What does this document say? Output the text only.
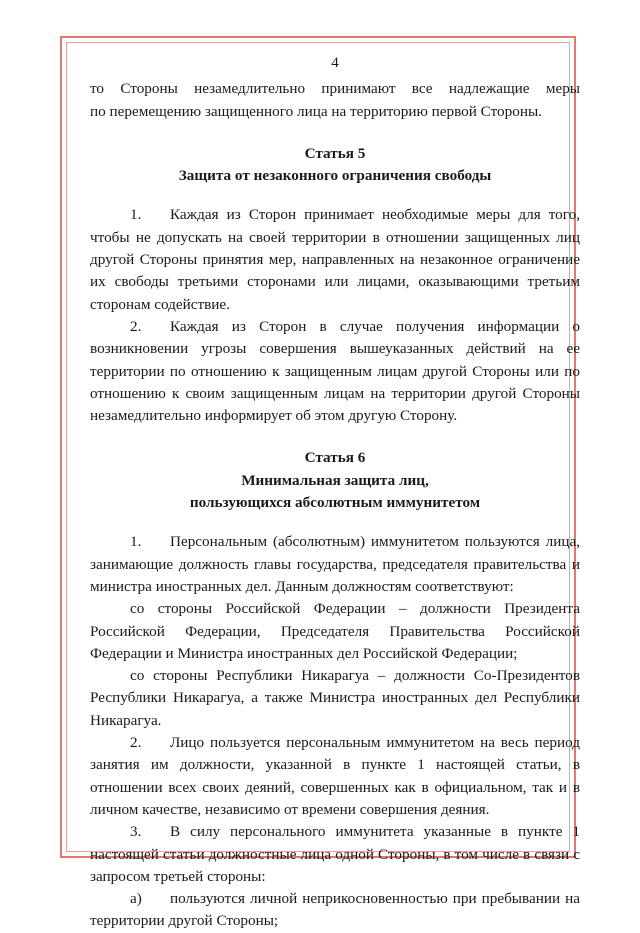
4

то Стороны незамедлительно принимают все надлежащие меры

по перемещению защищенного лица на территорию первой Стороны.

Статья 5
Защита от незаконного ограничения свободы

1. Каждая из Сторон принимает необходимые меры для того, чтобы не допускать на своей территории в отношении защищенных лиц другой Стороны принятия мер, направленных на незаконное ограничение их свободы третьими сторонами или лицами, оказывающими третьим сторонам содействие.

2. Каждая из Сторон в случае получения информации о возникновении угрозы совершения вышеуказанных действий на ее территории по отношению к защищенным лицам другой Стороны или по отношению к своим защищенным лицам на территории другой Стороны незамедлительно информирует об этом другую Сторону.

Статья 6
Минимальная защита лиц,
пользующихся абсолютным иммунитетом

1. Персональным (абсолютным) иммунитетом пользуются лица, занимающие должность главы государства, председателя правительства и министра иностранных дел. Данным должностям соответствуют:

со стороны Российской Федерации – должности Президента Российской Федерации, Председателя Правительства Российской Федерации и Министра иностранных дел Российской Федерации;

со стороны Республики Никарагуа – должности Со-Президентов Республики Никарагуа, а также Министра иностранных дел Республики Никарагуа.

2. Лицо пользуется персональным иммунитетом на весь период занятия им должности, указанной в пункте 1 настоящей статьи, в отношении всех своих деяний, совершенных как в официальном, так и в личном качестве, независимо от времени совершения деяния.

3. В силу персонального иммунитета указанные в пункте 1 настоящей статьи должностные лица одной Стороны, в том числе в связи с запросом третьей стороны:

а) пользуются личной неприкосновенностью при пребывании на территории другой Стороны;
